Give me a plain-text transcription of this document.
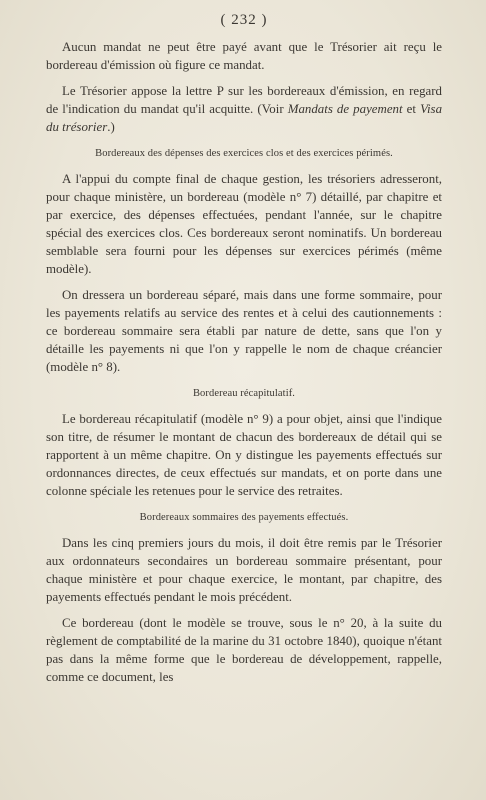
( 232 )

Aucun mandat ne peut être payé avant que le Trésorier ait reçu le bordereau d'émission où figure ce mandat.

Le Trésorier appose la lettre P sur les bordereaux d'émission, en regard de l'indication du mandat qu'il acquitte. (Voir Mandats de payement et Visa du trésorier.)

Bordereaux des dépenses des exercices clos et des exercices périmés.

A l'appui du compte final de chaque gestion, les trésoriers adresseront, pour chaque ministère, un bordereau (modèle n° 7) détaillé, par chapitre et par exercice, des dépenses effectuées, pendant l'année, sur le chapitre spécial des exercices clos. Ces bordereaux seront nominatifs. Un bordereau semblable sera fourni pour les dépenses sur exercices périmés (même modèle).

On dressera un bordereau séparé, mais dans une forme sommaire, pour les payements relatifs au service des rentes et à celui des cautionnements : ce bordereau sommaire sera établi par nature de dette, sans que l'on y détaille les payements ni que l'on y rappelle le nom de chaque créancier (modèle n° 8).

Bordereau récapitulatif.

Le bordereau récapitulatif (modèle n° 9) a pour objet, ainsi que l'indique son titre, de résumer le montant de chacun des bordereaux de détail qui se rapportent à un même chapitre. On y distingue les payements effectués sur ordonnances directes, de ceux effectués sur mandats, et on porte dans une colonne spéciale les retenues pour le service des retraites.

Bordereaux sommaires des payements effectués.

Dans les cinq premiers jours du mois, il doit être remis par le Trésorier aux ordonnateurs secondaires un bordereau sommaire présentant, pour chaque ministère et pour chaque exercice, le montant, par chapitre, des payements effectués pendant le mois précédent.

Ce bordereau (dont le modèle se trouve, sous le n° 20, à la suite du règlement de comptabilité de la marine du 31 octobre 1840), quoique n'étant pas dans la même forme que le bordereau de développement, rappelle, comme ce document, les
